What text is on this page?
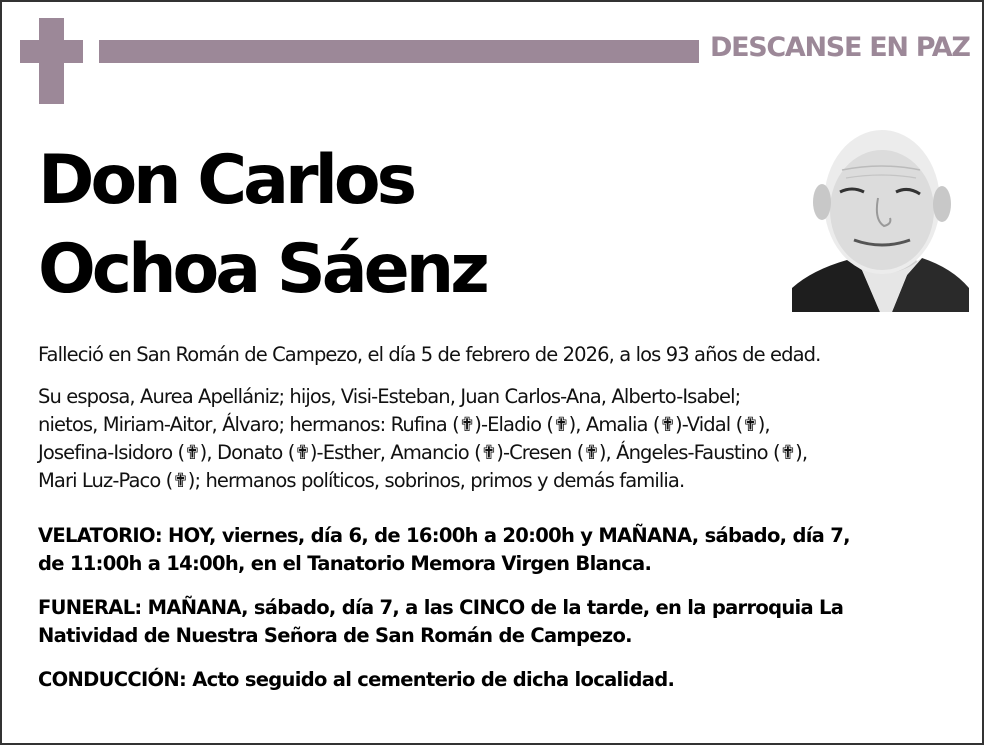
DESCANSE EN PAZ
Don Carlos
Ochoa Sáenz
Falleció en San Román de Campezo, el día 5 de febrero de 2026, a los 93 años de edad.
Su esposa, Aurea Apellániz; hijos, Visi-Esteban, Juan Carlos-Ana, Alberto-Isabel;
nietos, Miriam-Aitor, Álvaro; hermanos: Rufina (✟)-Eladio (✟), Amalia (✟)-Vidal (✟),
Josefina-Isidoro (✟), Donato (✟)-Esther, Amancio (✟)-Cresen (✟), Ángeles-Faustino (✟),
Mari Luz-Paco (✟); hermanos políticos, sobrinos, primos y demás familia.
VELATORIO: HOY, viernes, día 6, de 16:00h a 20:00h y MAÑANA, sábado, día 7,
de 11:00h a 14:00h, en el Tanatorio Memora Virgen Blanca.
FUNERAL: MAÑANA, sábado, día 7, a las CINCO de la tarde, en la parroquia La
Natividad de Nuestra Señora de San Román de Campezo.
CONDUCCIÓN: Acto seguido al cementerio de dicha localidad.
